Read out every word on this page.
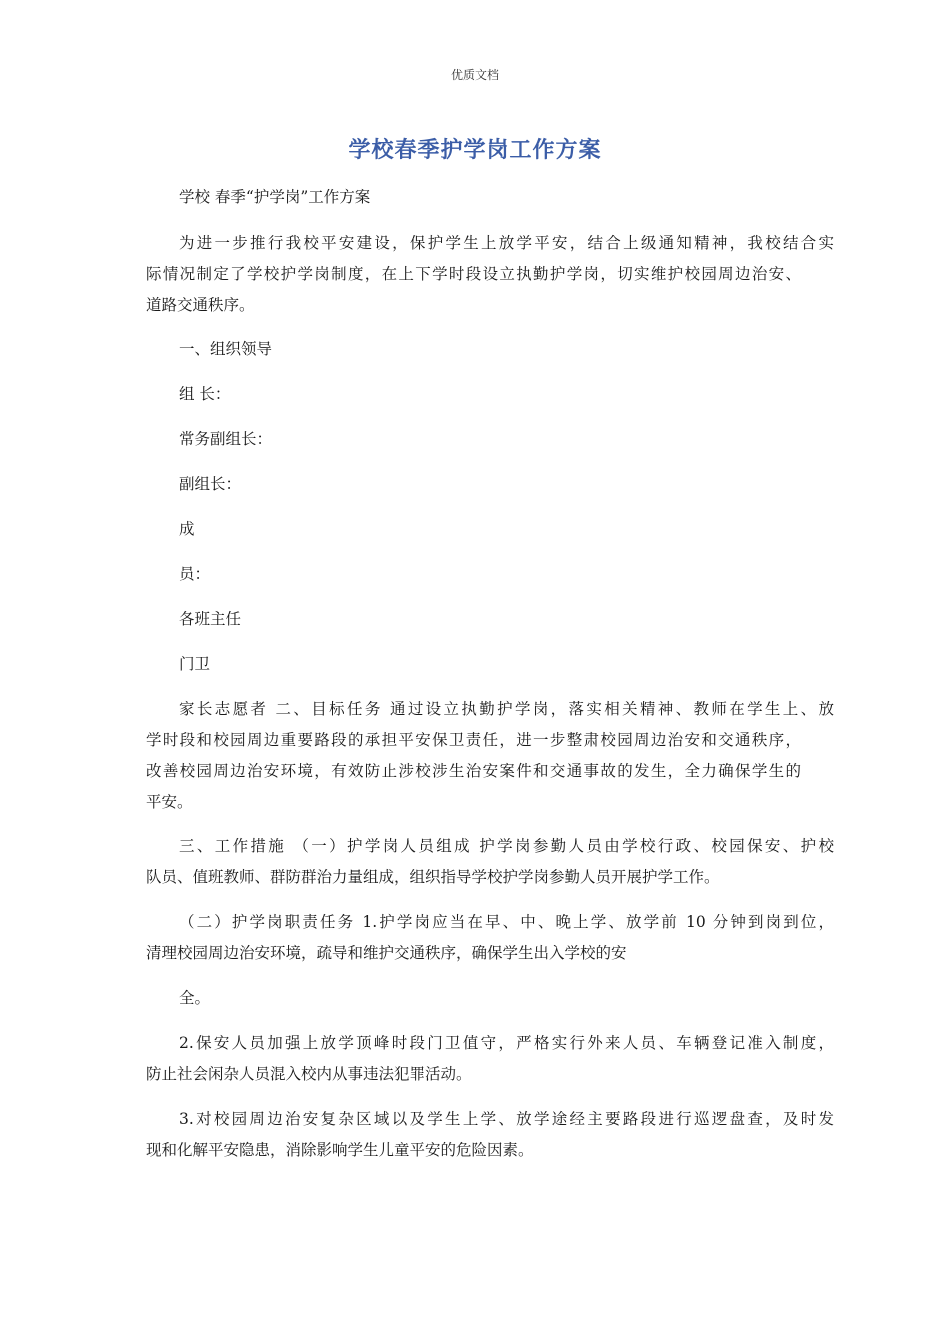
优质文档
学校春季护学岗工作方案
学校 春季“护学岗”工作方案
为进一步推行我校平安建设，保护学生上放学平安，结合上级通知精神，我校结合实
际情况制定了学校护学岗制度，在上下学时段设立执勤护学岗，切实维护校园周边治安、
道路交通秩序。
一、组织领导
组 长：
常务副组长：
副组长：
成
员：
各班主任
门卫
家长志愿者 二、目标任务 通过设立执勤护学岗，落实相关精神、教师在学生上、放
学时段和校园周边重要路段的承担平安保卫责任，进一步整肃校园周边治安和交通秩序，
改善校园周边治安环境，有效防止涉校涉生治安案件和交通事故的发生，全力确保学生的
平安。
三、工作措施 （一）护学岗人员组成 护学岗参勤人员由学校行政、校园保安、护校
队员、值班教师、群防群治力量组成，组织指导学校护学岗参勤人员开展护学工作。
（二）护学岗职责任务 1.护学岗应当在早、中、晚上学、放学前 10 分钟到岗到位，
清理校园周边治安环境，疏导和维护交通秩序，确保学生出入学校的安
全。
2.保安人员加强上放学顶峰时段门卫值守，严格实行外来人员、车辆登记准入制度，
防止社会闲杂人员混入校内从事违法犯罪活动。
3.对校园周边治安复杂区域以及学生上学、放学途经主要路段进行巡逻盘查，及时发
现和化解平安隐患，消除影响学生儿童平安的危险因素。
